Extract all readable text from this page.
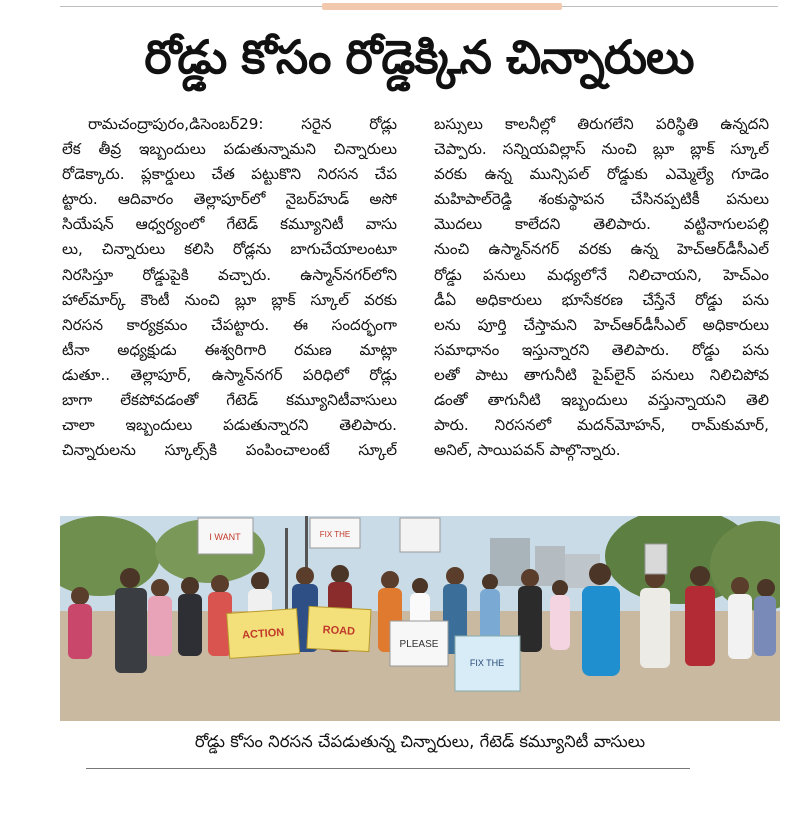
రోడ్డు కోసం రోడ్డెక్కిన చిన్నారులు

రామచంద్రాపురం,డిసెంబర్29: సరైన రోడ్లు

లేక తీవ్ర ఇబ్బందులు పడుతున్నామని చిన్నారులు

రోడెక్కారు. ప్లకార్డులు చేత పట్టుకొని నిరసన చేప

ట్టారు. ఆదివారం తెల్లాపూర్‌లో నైబర్‌హుడ్ అసో

సియేషన్ ఆధ్వర్యంలో గేటెడ్ కమ్యూనిటీ వాసు

లు, చిన్నారులు కలిసి రోడ్లను బాగుచేయాలంటూ

నిరసిస్తూ రోడ్డుపైకి వచ్చారు. ఉస్మాన్‌నగర్‌లోని

హాల్‌మార్క్ కౌంటీ నుంచి బ్లూ బ్లాక్ స్కూల్ వరకు

నిరసన కార్యక్రమం చేపట్టారు. ఈ సందర్భంగా

టీనా అధ్యక్షుడు ఈశ్వరిగారి రమణ మాట్లా

డుతూ.. తెల్లాపూర్, ఉస్మాన్‌నగర్ పరిధిలో రోడ్లు

బాగా లేకపోవడంతో గేటెడ్ కమ్యూనిటీవాసులు

చాలా ఇబ్బందులు పడుతున్నారని తెలిపారు.

చిన్నారులను స్కూల్స్‌కి పంపించాలంటే స్కూల్

బస్సులు కాలనీల్లో తిరుగలేని పరిస్థితి ఉన్నదని

చెప్పారు. సన్నియవిల్లాస్ నుంచి బ్లూ బ్లాక్ స్కూల్

వరకు ఉన్న మున్సిపల్ రోడ్డుకు ఎమ్మెల్యే గూడెం

మహిపాల్‌రెడ్డి శంకుస్థాపన చేసినప్పటికీ పనులు

మొదలు కాలేదని తెలిపారు. వట్టినాగులపల్లి

నుంచి ఉస్మాన్‌నగర్ వరకు ఉన్న హెచ్‌ఆర్‌డీసీఎల్

రోడ్డు పనులు మధ్యలోనే నిలిచాయని, హెచ్‌ఎం

డీఏ అధికారులు భూసేకరణ చేస్తేనే రోడ్డు పను

లను పూర్తి చేస్తామని హెచ్‌ఆర్‌డీసీఎల్ అధికారులు

సమాధానం ఇస్తున్నారని తెలిపారు. రోడ్డు పను

లతో పాటు తాగునీటి పైప్‌లైన్ పనులు నిలిచిపోవ

డంతో తాగునీటి ఇబ్బందులు వస్తున్నాయని తెలి

పారు. నిరసనలో మదన్‌మోహన్, రామ్‌కుమార్,

అనిల్, సాయిపవన్ పాల్గొన్నారు.

ACTION	ROAD
PLEASE
FIX THE
I WANT	FIX THE
రోడ్డు కోసం నిరసన చేపడుతున్న చిన్నారులు, గేటెడ్ కమ్యూనిటీ వాసులు
